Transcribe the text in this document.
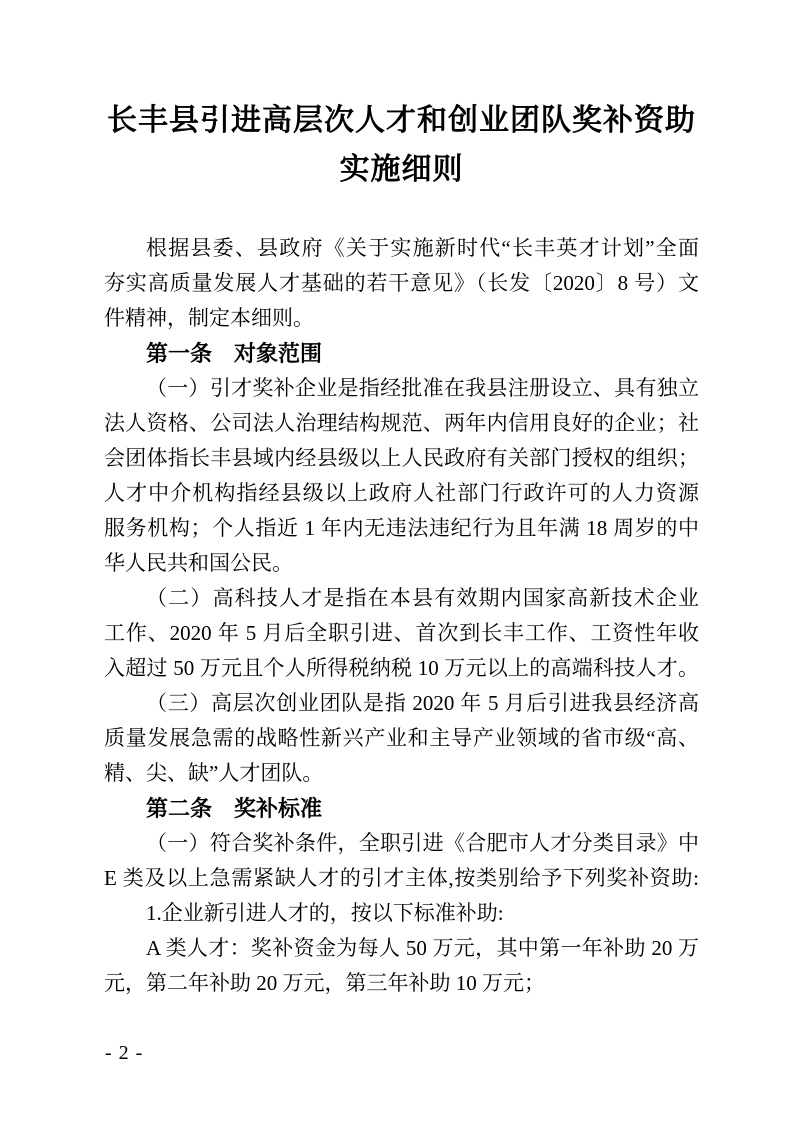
长丰县引进高层次人才和创业团队奖补资助
实施细则
根据县委、县政府《关于实施新时代“长丰英才计划”全面
夯实高质量发展人才基础的若干意见》（长发〔2020〕8 号）文
件精神，制定本细则。
第一条　对象范围
（一）引才奖补企业是指经批准在我县注册设立、具有独立
法人资格、公司法人治理结构规范、两年内信用良好的企业；社
会团体指长丰县域内经县级以上人民政府有关部门授权的组织；
人才中介机构指经县级以上政府人社部门行政许可的人力资源
服务机构；个人指近 1 年内无违法违纪行为且年满 18 周岁的中
华人民共和国公民。
（二）高科技人才是指在本县有效期内国家高新技术企业
工作、2020 年 5 月后全职引进、首次到长丰工作、工资性年收
入超过 50 万元且个人所得税纳税 10 万元以上的高端科技人才。
（三）高层次创业团队是指 2020 年 5 月后引进我县经济高
质量发展急需的战略性新兴产业和主导产业领域的省市级“高、
精、尖、缺”人才团队。
第二条　奖补标准
（一）符合奖补条件，全职引进《合肥市人才分类目录》中
E 类及以上急需紧缺人才的引才主体,按类别给予下列奖补资助:
1.企业新引进人才的，按以下标准补助:
A 类人才：奖补资金为每人 50 万元，其中第一年补助 20 万
元，第二年补助 20 万元，第三年补助 10 万元；
- 2 -
